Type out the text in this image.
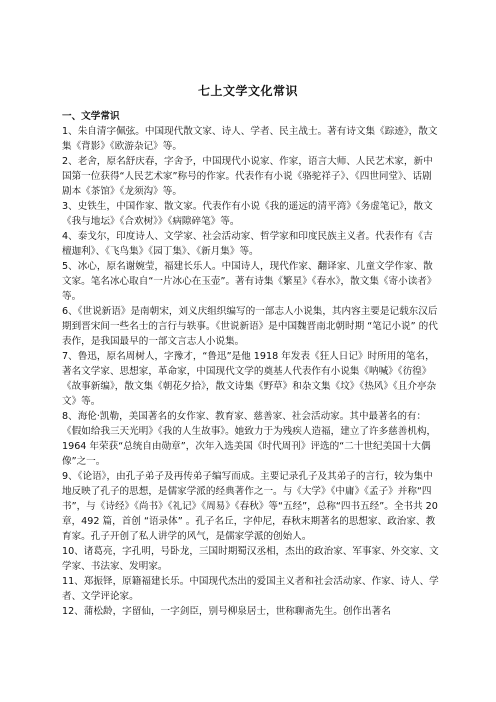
七上文学文化常识

一、文学常识

1、朱自清字佩弦。中国现代散文家、诗人、学者、民主战士。著有诗文集《踪迹》，散文集《背影》《欧游杂记》等。

2、老舍，原名舒庆春，字舍予，中国现代小说家、作家，语言大师、人民艺术家，新中国第一位获得“人民艺术家”称号的作家。代表作有小说《骆驼祥子》、《四世同堂》、话剧剧本《茶馆》《龙须沟》等。

3、史铁生，中国作家、散文家。代表作有小说《我的遥远的清平湾》《务虚笔记》，散文《我与地坛》《合欢树》》《病隙碎笔》等。

4、泰戈尔，印度诗人、文学家、社会活动家、哲学家和印度民族主义者。代表作有《吉檀迦利》、《飞鸟集》《园丁集》、《新月集》等。

5、冰心，原名谢婉莹，福建长乐人。中国诗人，现代作家、翻译家、儿童文学作家、散文家。笔名冰心取自“一片冰心在玉壶”。著有诗集《繁星》《春水》，散文集《寄小读者》等。

6、《世说新语》是南朝宋，刘义庆组织编写的一部志人小说集，其内容主要是记载东汉后期到晋宋间一些名士的言行与轶事。《世说新语》是中国魏晋南北朝时期 “笔记小说” 的代表作，是我国最早的一部文言志人小说集。

7、鲁迅，原名周树人，字豫才，“鲁迅”是他 1918 年发表《狂人日记》时所用的笔名，著名文学家、思想家，革命家，中国现代文学的奠基人代表作有小说集《呐喊》《彷徨》《故事新编》，散文集《朝花夕拾》，散文诗集《野草》和杂文集《坟》《热风》《且介亭杂文》等。

8、海伦·凯勒，美国著名的女作家、教育家、慈善家、社会活动家。其中最著名的有：《假如给我三天光明》《我的人生故事》。她致力于为残疾人造福，建立了许多慈善机构，1964 年荣获“总统自由勋章”，次年入选美国《时代周刊》评选的“二十世纪美国十大偶像”之一。

9、《论语》，由孔子弟子及再传弟子编写而成。主要记录孔子及其弟子的言行，较为集中地反映了孔子的思想，是儒家学派的经典著作之一。与《大学》《中庸》《孟子》并称“四书”，与《诗经》《尚书》《礼记》《周易》《春秋》等“五经”，总称“四书五经”。全书共 20 章，492 篇，首创 “语录体” 。孔子名丘，字仲尼，春秋末期著名的思想家、政治家、教育家。孔子开创了私人讲学的风气，是儒家学派的创始人。

10、诸葛亮，字孔明，号卧龙，三国时期蜀汉丞相，杰出的政治家、军事家、外交家、文学家、书法家、发明家。

11、郑振铎，原籍福建长乐。中国现代杰出的爱国主义者和社会活动家、作家、诗人、学者、文学评论家。

12、蒲松龄，字留仙，一字剑臣，别号柳泉居士，世称聊斋先生。创作出著名
